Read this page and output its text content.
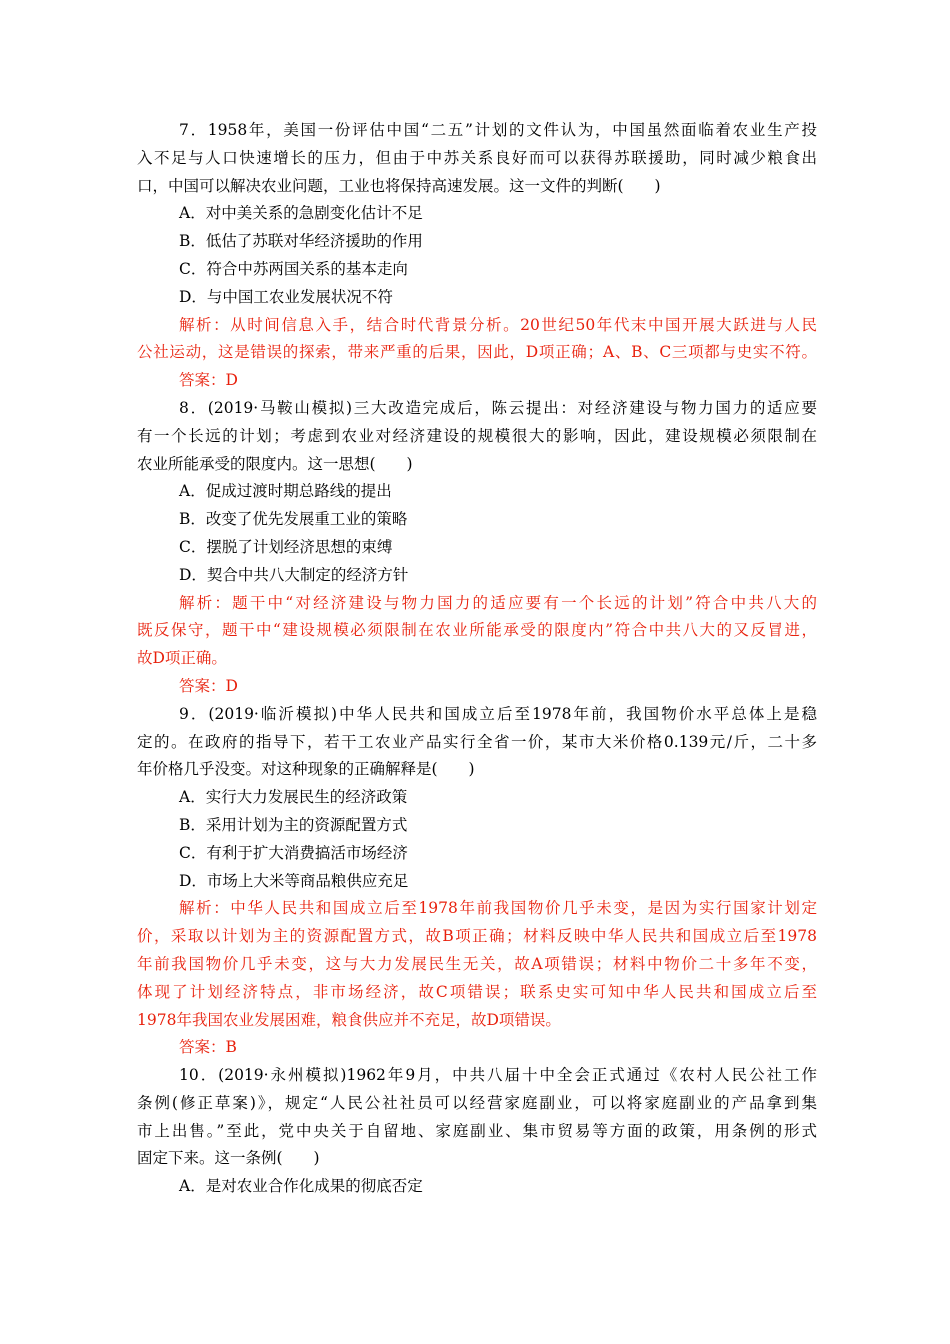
7．1958年，美国一份评估中国“二五”计划的文件认为，中国虽然面临着农业生产投
入不足与人口快速增长的压力，但由于中苏关系良好而可以获得苏联援助，同时减少粮食出
口，中国可以解决农业问题，工业也将保持高速发展。这一文件的判断(　　)
A．对中美关系的急剧变化估计不足
B．低估了苏联对华经济援助的作用
C．符合中苏两国关系的基本走向
D．与中国工农业发展状况不符
解析：从时间信息入手，结合时代背景分析。20世纪50年代末中国开展大跃进与人民
公社运动，这是错误的探索，带来严重的后果，因此，D项正确；A、B、C三项都与史实不符。
答案：D
8．(2019·马鞍山模拟)三大改造完成后，陈云提出：对经济建设与物力国力的适应要
有一个长远的计划；考虑到农业对经济建设的规模很大的影响，因此，建设规模必须限制在
农业所能承受的限度内。这一思想(　　)
A．促成过渡时期总路线的提出
B．改变了优先发展重工业的策略
C．摆脱了计划经济思想的束缚
D．契合中共八大制定的经济方针
解析：题干中“对经济建设与物力国力的适应要有一个长远的计划”符合中共八大的
既反保守，题干中“建设规模必须限制在农业所能承受的限度内”符合中共八大的又反冒进，
故D项正确。
答案：D
9．(2019·临沂模拟)中华人民共和国成立后至1978年前，我国物价水平总体上是稳
定的。在政府的指导下，若干工农业产品实行全省一价，某市大米价格0.139元/斤，二十多
年价格几乎没变。对这种现象的正确解释是(　　)
A．实行大力发展民生的经济政策
B．采用计划为主的资源配置方式
C．有利于扩大消费搞活市场经济
D．市场上大米等商品粮供应充足
解析：中华人民共和国成立后至1978年前我国物价几乎未变，是因为实行国家计划定
价，采取以计划为主的资源配置方式，故B项正确；材料反映中华人民共和国成立后至1978
年前我国物价几乎未变，这与大力发展民生无关，故A项错误；材料中物价二十多年不变，
体现了计划经济特点，非市场经济，故C项错误；联系史实可知中华人民共和国成立后至
1978年我国农业发展困难，粮食供应并不充足，故D项错误。
答案：B
10．(2019·永州模拟)1962年9月，中共八届十中全会正式通过《农村人民公社工作
条例(修正草案)》，规定“人民公社社员可以经营家庭副业，可以将家庭副业的产品拿到集
市上出售。”至此，党中央关于自留地、家庭副业、集市贸易等方面的政策，用条例的形式
固定下来。这一条例(　　)
A．是对农业合作化成果的彻底否定
